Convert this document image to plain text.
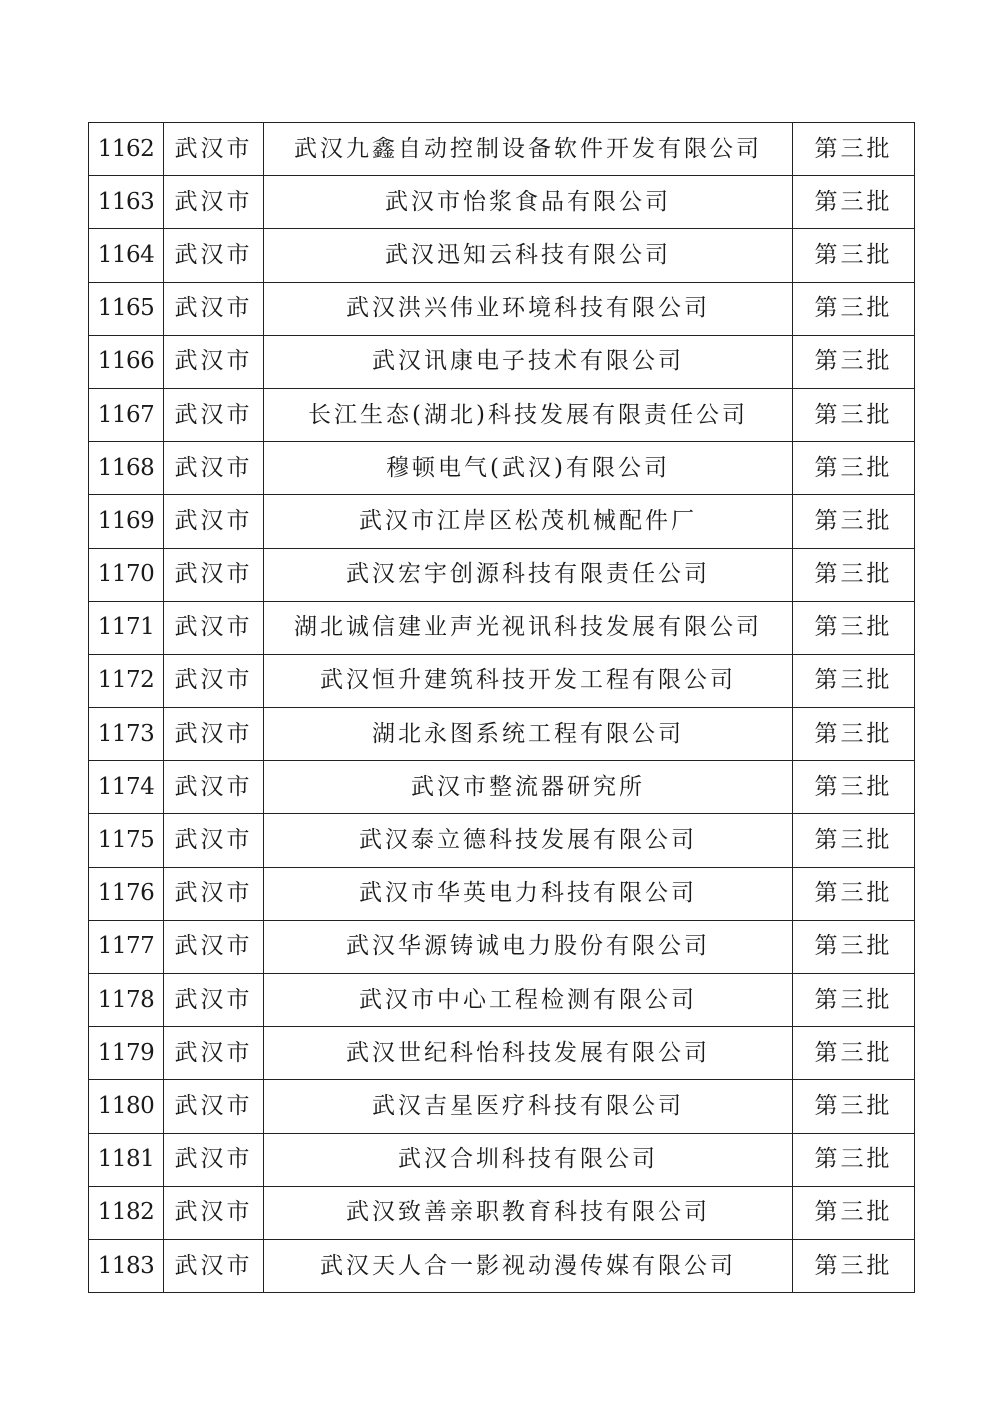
1162	武汉市	武汉九鑫自动控制设备软件开发有限公司	第三批
1163	武汉市	武汉市怡浆食品有限公司	第三批
1164	武汉市	武汉迅知云科技有限公司	第三批
1165	武汉市	武汉洪兴伟业环境科技有限公司	第三批
1166	武汉市	武汉讯康电子技术有限公司	第三批
1167	武汉市	长江生态(湖北)科技发展有限责任公司	第三批
1168	武汉市	穆顿电气(武汉)有限公司	第三批
1169	武汉市	武汉市江岸区松茂机械配件厂	第三批
1170	武汉市	武汉宏宇创源科技有限责任公司	第三批
1171	武汉市	湖北诚信建业声光视讯科技发展有限公司	第三批
1172	武汉市	武汉恒升建筑科技开发工程有限公司	第三批
1173	武汉市	湖北永图系统工程有限公司	第三批
1174	武汉市	武汉市整流器研究所	第三批
1175	武汉市	武汉泰立德科技发展有限公司	第三批
1176	武汉市	武汉市华英电力科技有限公司	第三批
1177	武汉市	武汉华源铸诚电力股份有限公司	第三批
1178	武汉市	武汉市中心工程检测有限公司	第三批
1179	武汉市	武汉世纪科怡科技发展有限公司	第三批
1180	武汉市	武汉吉星医疗科技有限公司	第三批
1181	武汉市	武汉合圳科技有限公司	第三批
1182	武汉市	武汉致善亲职教育科技有限公司	第三批
1183	武汉市	武汉天人合一影视动漫传媒有限公司	第三批
